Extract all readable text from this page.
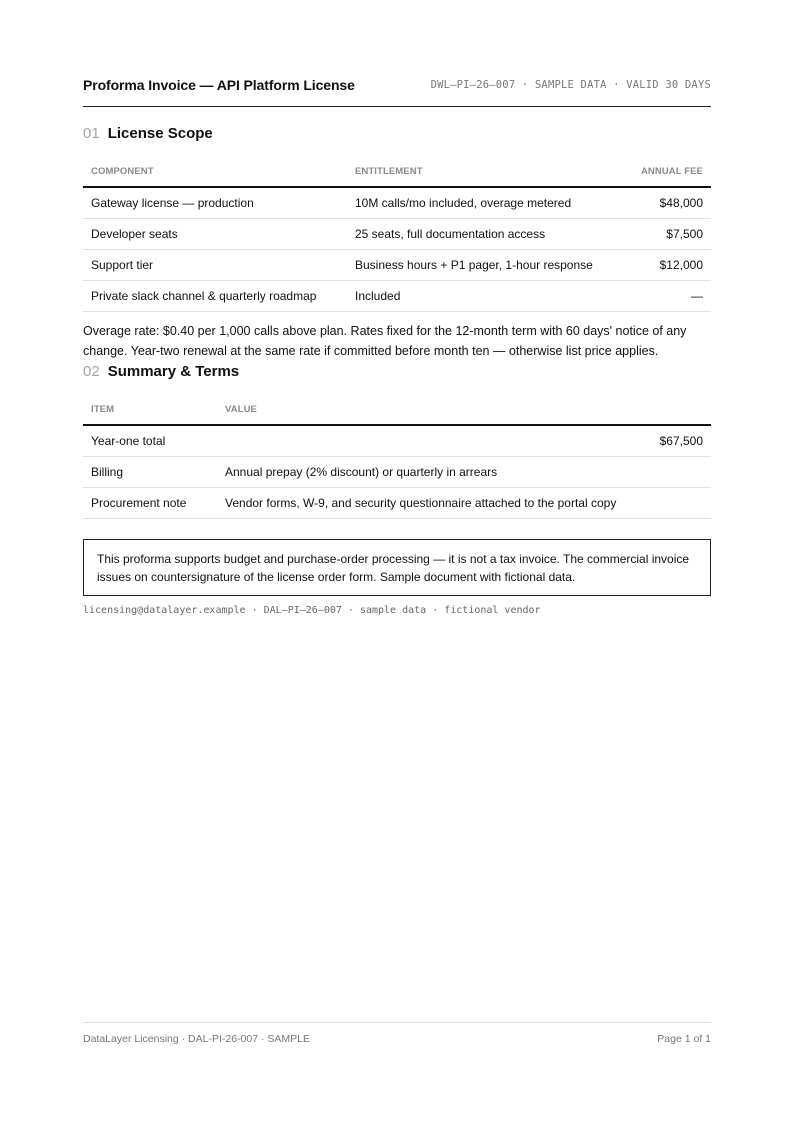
Proforma Invoice — API Platform License	DWL–PI–26–007 · SAMPLE DATA · VALID 30 DAYS
01 License Scope
COMPONENT	ENTITLEMENT	ANNUAL FEE
Gateway license — production	10M calls/mo included, overage metered	$48,000
Developer seats	25 seats, full documentation access	$7,500
Support tier	Business hours + P1 pager, 1-hour response	$12,000
Private slack channel & quarterly roadmap	Included	—

Overage rate: $0.40 per 1,000 calls above plan. Rates fixed for the 12-month term with 60 days' notice of any change. Year-two renewal at the same rate if committed before month ten — otherwise list price applies.

02 Summary & Terms
ITEM	VALUE
Year-one total	$67,500
Billing	Annual prepay (2% discount) or quarterly in arrears
Procurement note	Vendor forms, W-9, and security questionnaire attached to the portal copy
This proforma supports budget and purchase-order processing — it is not a tax invoice. The commercial invoice issues on countersignature of the license order form. Sample document with fictional data.
licensing@datalayer.example · DAL–PI–26–007 · sample data · fictional vendor
DataLayer Licensing · DAL-PI-26-007 · SAMPLE	Page 1 of 1
